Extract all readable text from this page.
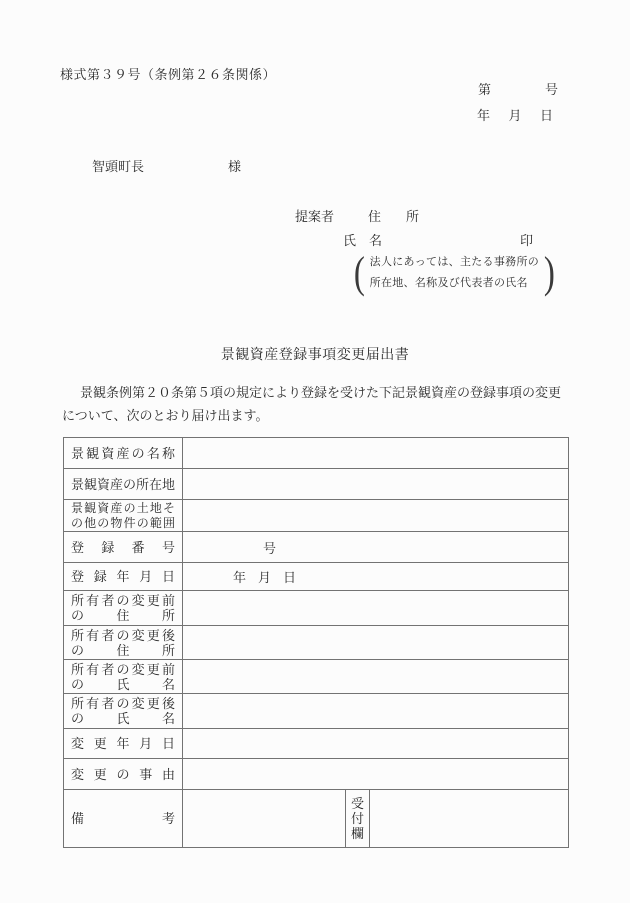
様式第３９号（条例第２６条関係）
第	号
年 月 日
智頭町長	様
提案者	住　所
氏　名	印
( 法人にあっては、主たる事務所の
所在地、名称及び代表者の氏名 )
景観資産登録事項変更届出書
景観条例第２０条第５項の規定により登録を受けた下記景観資産の登録事項の変更
について、次のとおり届け出ます。
景観資産の名称			

景観資産の所在地			

景観資産の土地そ
の他の物件の範囲			

登録番号	号		

登録年月日	年 月 日		

所有者の変更前
の住所			

所有者の変更後
の住所			

所有者の変更前
の氏名			

所有者の変更後
の氏名			

変更年月日			

変更の事由			

備考		受付欄	
